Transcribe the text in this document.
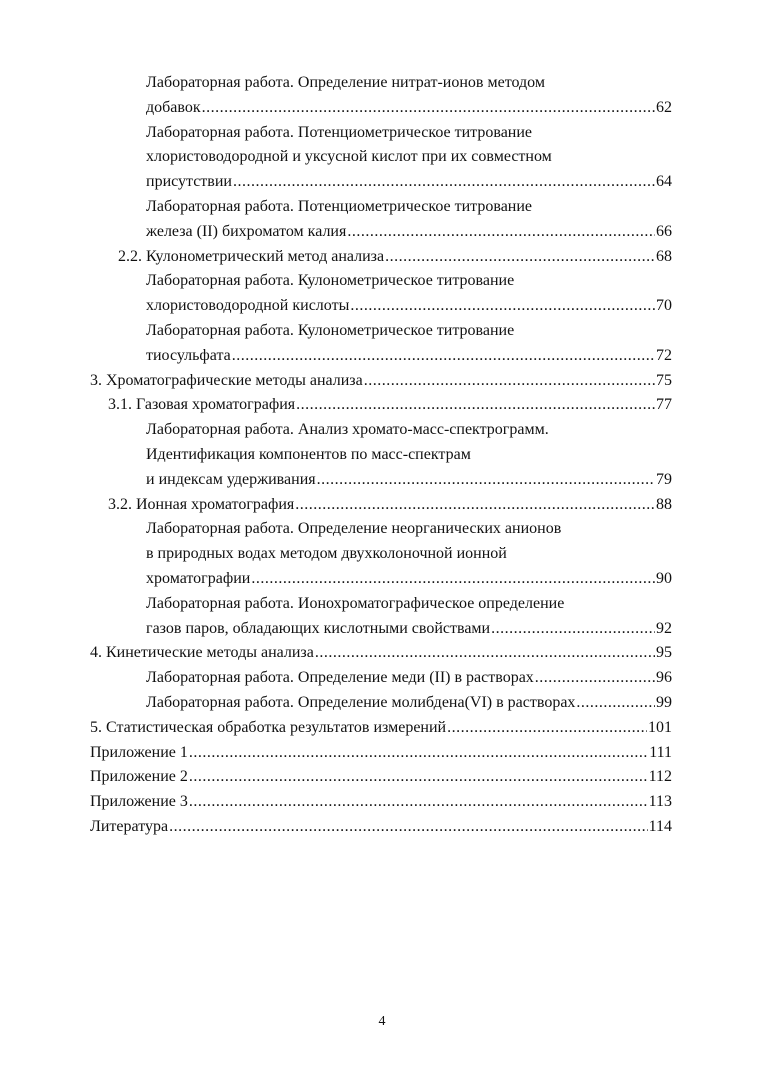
Лабораторная работа. Определение нитрат-ионов методом
добавок .....	62
Лабораторная работа. Потенциометрическое титрование
хлористоводородной и уксусной кислот при их совместном
присутствии .....	64
Лабораторная работа. Потенциометрическое титрование
железа (II) бихроматом калия .....	66
2.2. Кулонометрический метод анализа .....	68
Лабораторная работа. Кулонометрическое титрование
хлористоводородной кислоты .....	70
Лабораторная работа. Кулонометрическое титрование
тиосульфата .....	72
3. Хроматографические методы анализа .....	75
3.1. Газовая хроматография .....	77
Лабораторная работа. Анализ хромато-масс-спектрограмм.
Идентификация компонентов по масс-спектрам
и индексам удерживания .....	79
3.2. Ионная хроматография .....	88
Лабораторная работа. Определение неорганических анионов
в природных водах методом двухколоночной ионной
хроматографии .....	90
Лабораторная работа. Ионохроматографическое определение
газов паров, обладающих кислотными свойствами .....	92
4. Кинетические методы анализа .....	95
Лабораторная работа. Определение меди (II) в растворах .....	96
Лабораторная работа. Определение молибдена(VI) в растворах .....	99
5. Статистическая обработка результатов измерений .....	101
Приложение 1 .....	111
Приложение 2 .....	112
Приложение 3 .....	113
Литература .....	114
4
